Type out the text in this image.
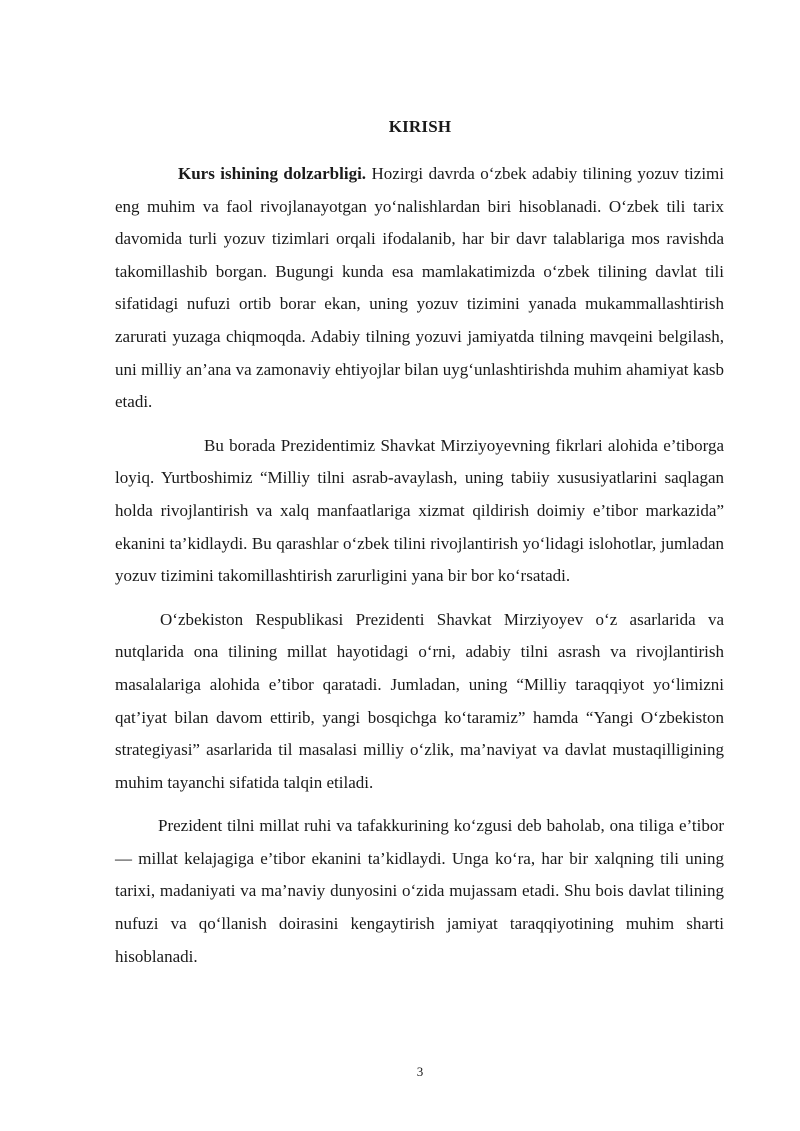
KIRISH

Kurs ishining dolzarbligi. Hozirgi davrda o‘zbek adabiy tilining yozuv tizimi eng muhim va faol rivojlanayotgan yo‘nalishlardan biri hisoblanadi. O‘zbek tili tarix davomida turli yozuv tizimlari orqali ifodalanib, har bir davr talablariga mos ravishda takomillashib borgan. Bugungi kunda esa mamlakatimizda o‘zbek tilining davlat tili sifatidagi nufuzi ortib borar ekan, uning yozuv tizimini yanada mukammallashtirish zarurati yuzaga chiqmoqda. Adabiy tilning yozuvi jamiyatda tilning mavqeini belgilash, uni milliy an’ana va zamonaviy ehtiyojlar bilan uyg‘unlashtirishda muhim ahamiyat kasb etadi.

Bu borada Prezidentimiz Shavkat Mirziyoyevning fikrlari alohida e’tiborga loyiq. Yurtboshimiz “Milliy tilni asrab-avaylash, uning tabiiy xususiyatlarini saqlagan holda rivojlantirish va xalq manfaatlariga xizmat qildirish doimiy e’tibor markazida” ekanini ta’kidlaydi. Bu qarashlar o‘zbek tilini rivojlantirish yo‘lidagi islohotlar, jumladan yozuv tizimini takomillashtirish zarurligini yana bir bor ko‘rsatadi.

O‘zbekiston Respublikasi Prezidenti Shavkat Mirziyoyev o‘z asarlarida va nutqlarida ona tilining millat hayotidagi o‘rni, adabiy tilni asrash va rivojlantirish masalalariga alohida e’tibor qaratadi. Jumladan, uning “Milliy taraqqiyot yo‘limizni qat’iyat bilan davom ettirib, yangi bosqichga ko‘taramiz” hamda “Yangi O‘zbekiston strategiyasi” asarlarida til masalasi milliy o‘zlik, ma’naviyat va davlat mustaqilligining muhim tayanchi sifatida talqin etiladi.

Prezident tilni millat ruhi va tafakkurining ko‘zgusi deb baholab, ona tiliga e’tibor — millat kelajagiga e’tibor ekanini ta’kidlaydi. Unga ko‘ra, har bir xalqning tili uning tarixi, madaniyati va ma’naviy dunyosini o‘zida mujassam etadi. Shu bois davlat tilining nufuzi va qo‘llanish doirasini kengaytirish jamiyat taraqqiyotining muhim sharti hisoblanadi.

3
